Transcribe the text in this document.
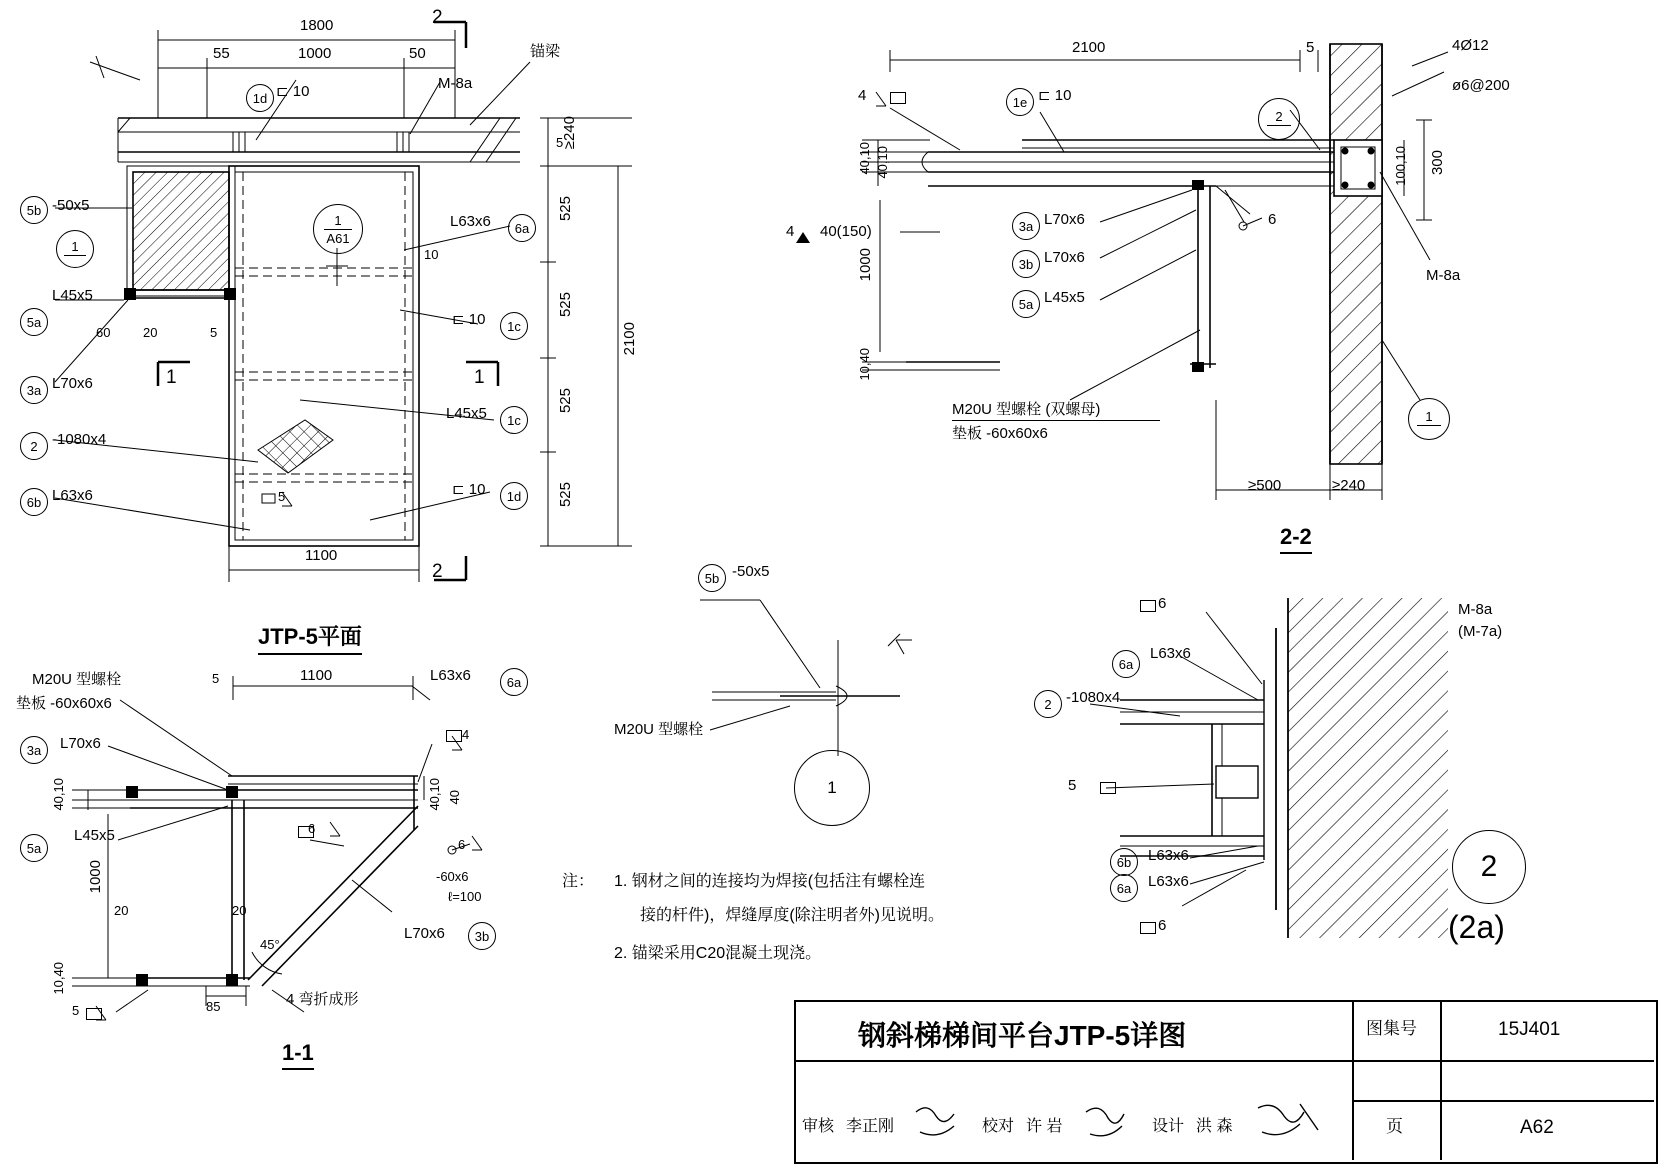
1800
55	1000	50
2
2
1	1
锚梁
M-8a
1d ⊏ 10
5b -50x5
1
5a
L45x5
60	20	5
3a L70x6
2 -1080x4
6b L63x6	5
1
A61
L63x6	6a
10
⊏ 10	1c
L45x5	1c
⊏ 10	1d
5
525
525
525
525
≥240
2100
1100
JTP-5平面
M20U 型螺栓
垫板 -60x60x6
5	1100	L63x6	6a
3a	L70x6
5a
L45x5
40,10	40,10 40
1000
10,40
20	20
85
5
6
4
6
-60x6
ℓ=100
L70x6	3b
45°
4 弯折成形
1-1
5b -50x5
M20U 型螺栓
1
2100	5	4Ø12
ø6@200
300
100,10
M-8a
4	1e ⊏ 10
2
1
40,10 40,10
1000
10,40
4 40(150)	3a L70x6
3b L70x6
5a L45x5
6
M20U 型螺栓 (双螺母)
垫板 -60x60x6
≥500	≥240
2-2
6
6a
L63x6
2 -1080x4
5
6b	L63x6
6a	L63x6
6
M-8a
(M-7a)
2
(2a)
注： 1. 钢材之间的连接均为焊接(包括注有螺栓连
接的杆件)，焊缝厚度(除注明者外)见说明。
2. 锚梁采用C20混凝土现浇。
钢斜梯梯间平台JTP-5详图	图集号	15J401
页	A62
审核 李正刚	校对 许 岩	设计 洪 森
